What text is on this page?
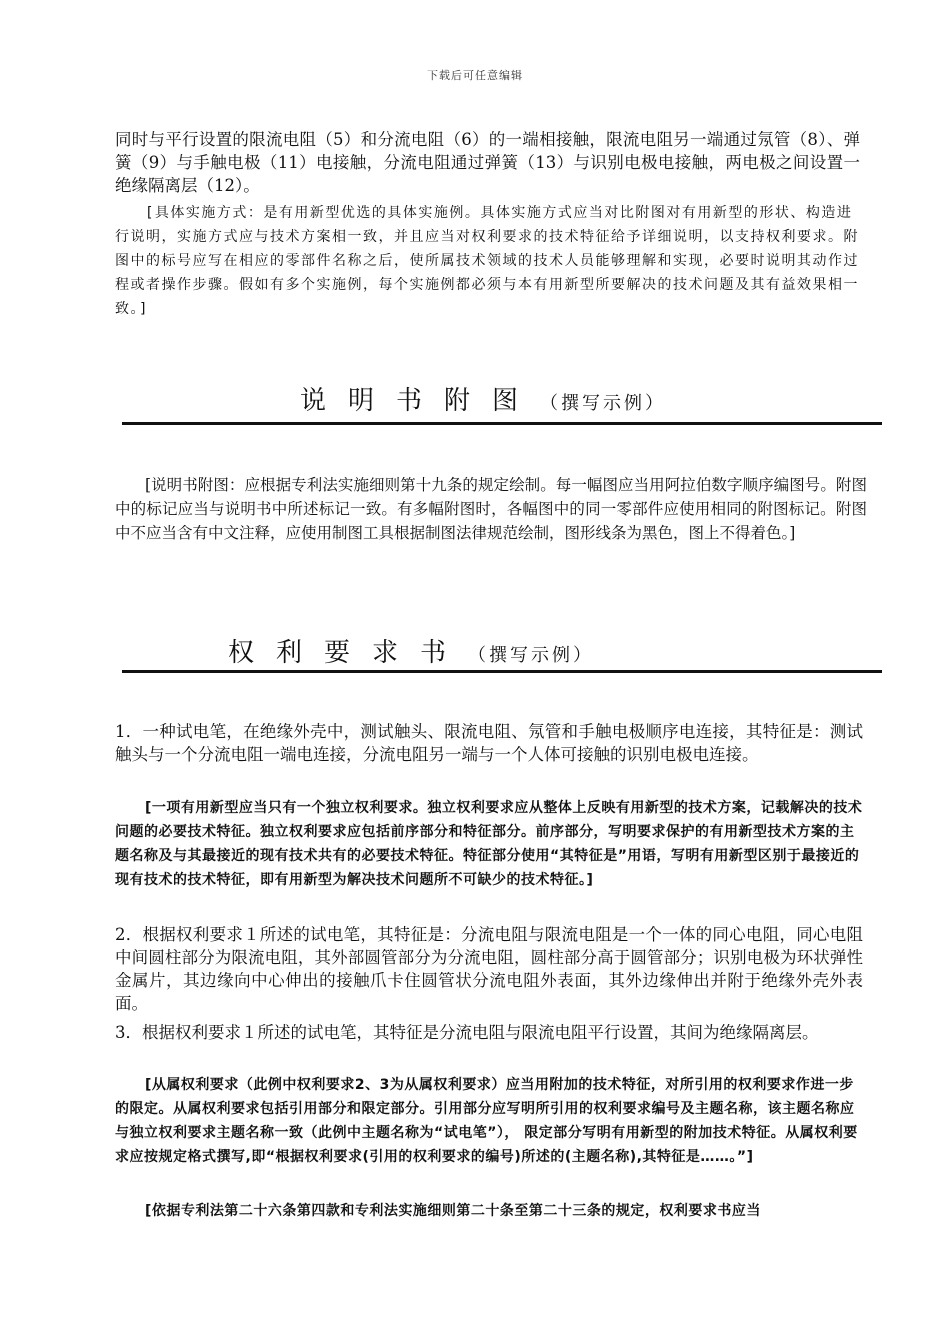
下载后可任意编辑

同时与平行设置的限流电阻（5）和分流电阻（6）的一端相接触，限流电阻另一端通过氖管（8）、弹簧（9）与手触电极（11）电接触，分流电阻通过弹簧（13）与识别电极电接触，两电极之间设置一绝缘隔离层（12）。

[具体实施方式：是有用新型优选的具体实施例。具体实施方式应当对比附图对有用新型的形状、构造进行说明，实施方式应与技术方案相一致，并且应当对权利要求的技术特征给予详细说明，以支持权利要求。附图中的标号应写在相应的零部件名称之后，使所属技术领域的技术人员能够理解和实现，必要时说明其动作过程或者操作步骤。假如有多个实施例，每个实施例都必须与本有用新型所要解决的技术问题及其有益效果相一致。]

说明书附图（撰写示例）

[说明书附图：应根据专利法实施细则第十九条的规定绘制。每一幅图应当用阿拉伯数字顺序编图号。附图中的标记应当与说明书中所述标记一致。有多幅附图时，各幅图中的同一零部件应使用相同的附图标记。附图中不应当含有中文注释，应使用制图工具根据制图法律规范绘制，图形线条为黑色，图上不得着色。]

权利要求书（撰写示例）

1．一种试电笔，在绝缘外壳中，测试触头、限流电阻、氖管和手触电极顺序电连接，其特征是：测试触头与一个分流电阻一端电连接，分流电阻另一端与一个人体可接触的识别电极电连接。

[一项有用新型应当只有一个独立权利要求。独立权利要求应从整体上反映有用新型的技术方案，记载解决的技术问题的必要技术特征。独立权利要求应包括前序部分和特征部分。前序部分，写明要求保护的有用新型技术方案的主题名称及与其最接近的现有技术共有的必要技术特征。特征部分使用“其特征是”用语，写明有用新型区别于最接近的现有技术的技术特征，即有用新型为解决技术问题所不可缺少的技术特征。]

2．根据权利要求１所述的试电笔，其特征是：分流电阻与限流电阻是一个一体的同心电阻，同心电阻中间圆柱部分为限流电阻，其外部圆管部分为分流电阻，圆柱部分高于圆管部分；识别电极为环状弹性金属片，其边缘向中心伸出的接触爪卡住圆管状分流电阻外表面，其外边缘伸出并附于绝缘外壳外表面。

3．根据权利要求１所述的试电笔，其特征是分流电阻与限流电阻平行设置，其间为绝缘隔离层。

[从属权利要求（此例中权利要求2、3为从属权利要求）应当用附加的技术特征，对所引用的权利要求作进一步的限定。从属权利要求包括引用部分和限定部分。引用部分应写明所引用的权利要求编号及主题名称，该主题名称应与独立权利要求主题名称一致（此例中主题名称为“试电笔”）， 限定部分写明有用新型的附加技术特征。从属权利要求应按规定格式撰写,即“根据权利要求(引用的权利要求的编号)所述的(主题名称),其特征是……。”]

[依据专利法第二十六条第四款和专利法实施细则第二十条至第二十三条的规定，权利要求书应当
